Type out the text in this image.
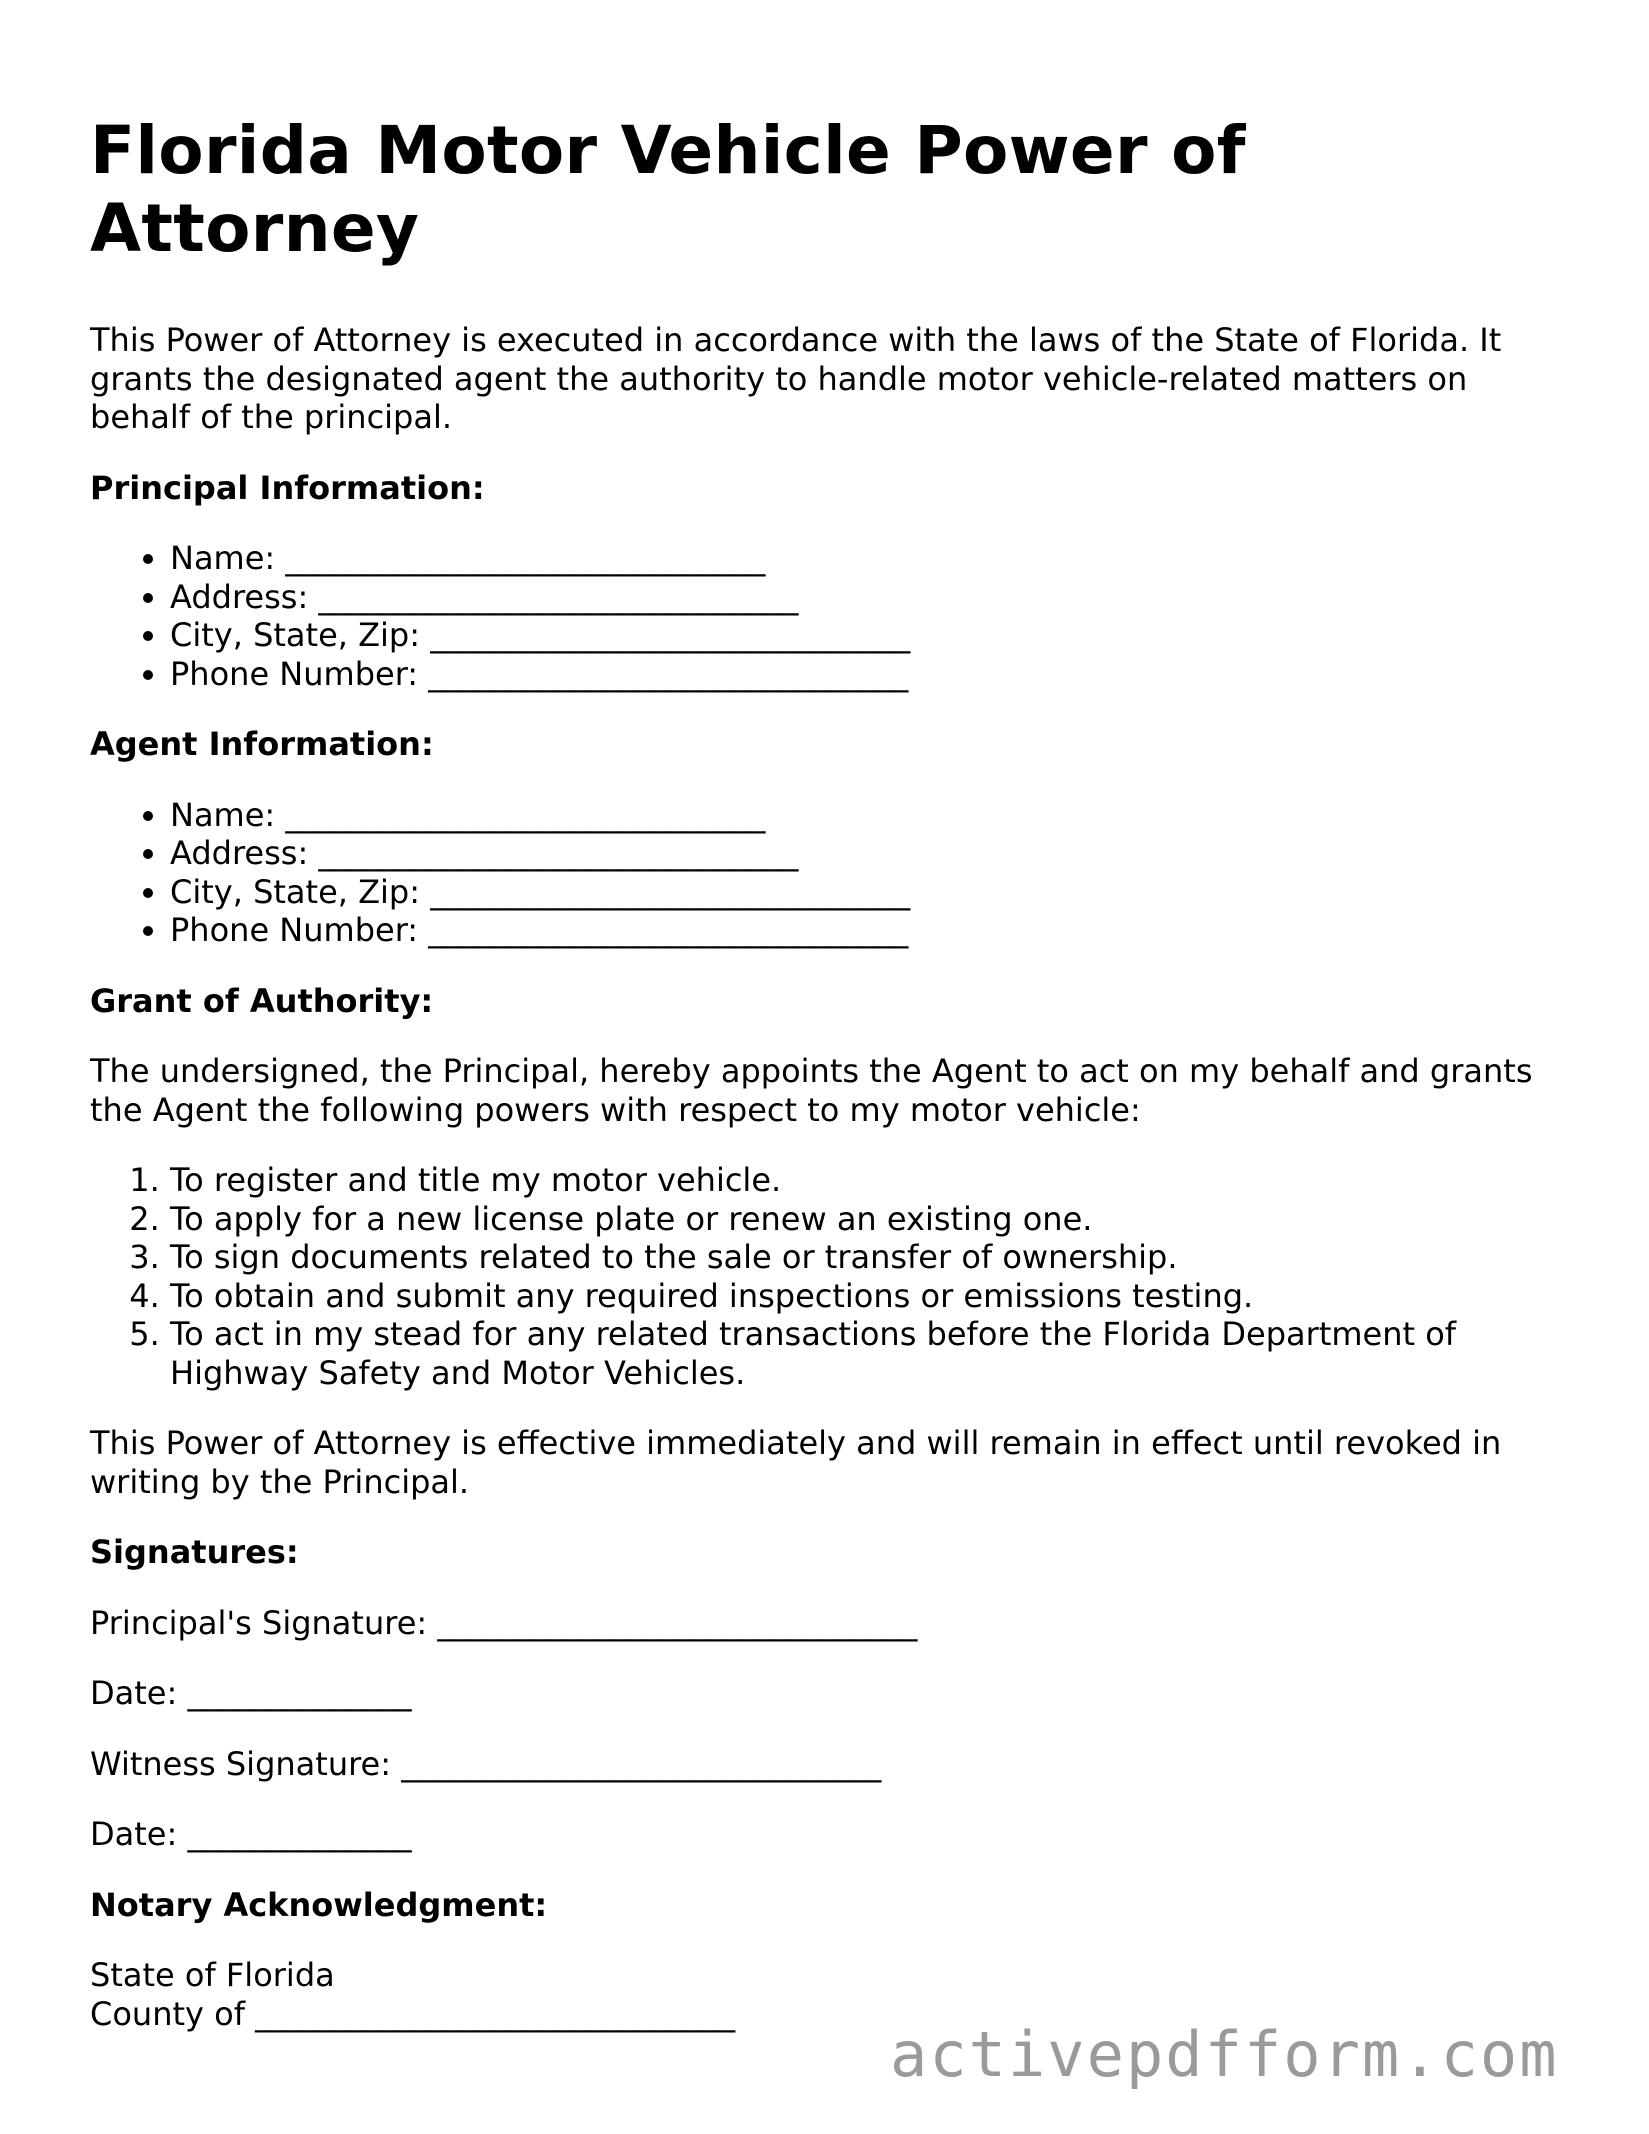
Florida Motor Vehicle Power of Attorney

This Power of Attorney is executed in accordance with the laws of the State of Florida. It grants the designated agent the authority to handle motor vehicle-related matters on behalf of the principal.

Principal Information:
• Name: ______________________________
• Address: ______________________________
• City, State, Zip: ______________________________
• Phone Number: ______________________________
Agent Information:
• Name: ______________________________
• Address: ______________________________
• City, State, Zip: ______________________________
• Phone Number: ______________________________
Grant of Authority:

The undersigned, the Principal, hereby appoints the Agent to act on my behalf and grants the Agent the following powers with respect to my motor vehicle:

1. To register and title my motor vehicle.
2. To apply for a new license plate or renew an existing one.
3. To sign documents related to the sale or transfer of ownership.
4. To obtain and submit any required inspections or emissions testing.
5. To act in my stead for any related transactions before the Florida Department of Highway Safety and Motor Vehicles.

This Power of Attorney is effective immediately and will remain in effect until revoked in writing by the Principal.

Signatures:
Principal's Signature: ______________________________
Date: ______________
Witness Signature: ______________________________
Date: ______________
Notary Acknowledgment:
State of Florida
County of ______________________________
activepdfform.com
